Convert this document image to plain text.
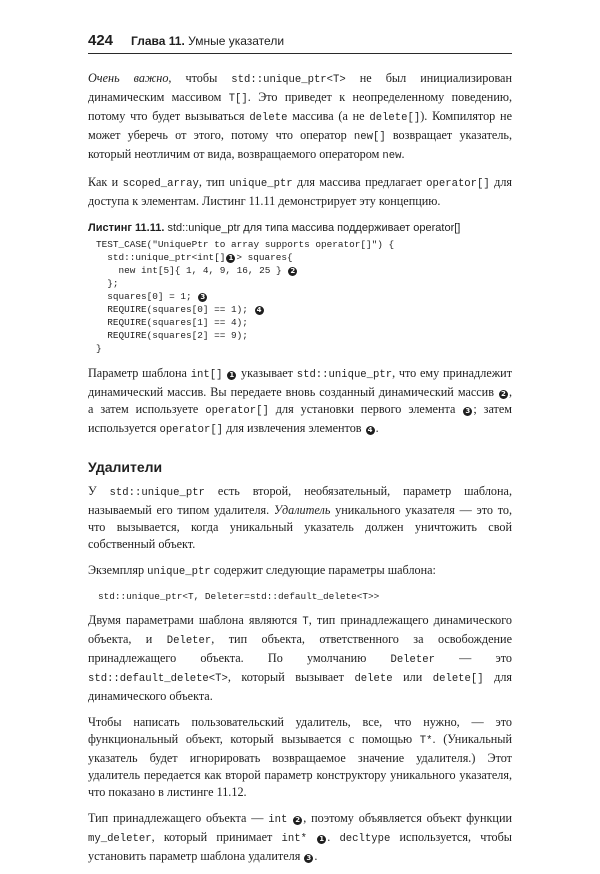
424 Глава 11. Умные указатели

Очень важно, чтобы std::unique_ptr<T> не был инициализирован динамическим массивом T[]. Это приведет к неопределенному поведению, потому что будет вызываться delete массива (а не delete[]). Компилятор не может уберечь от этого, потому что оператор new[] возвращает указатель, который неотличим от вида, возвращаемого оператором new.

Как и scoped_array, тип unique_ptr для массива предлагает operator[] для доступа к элементам. Листинг 11.11 демонстрирует эту концепцию.

Листинг 11.11. std::unique_ptr для типа массива поддерживает operator[]
TEST_CASE("UniquePtr to array supports operator[]") {
std::unique_ptr<int[] 1 > squares{
new int[5]{ 1, 4, 9, 16, 25 } 2
};
squares[0] = 1; 3
REQUIRE(squares[0] == 1); 4
REQUIRE(squares[1] == 4);
REQUIRE(squares[2] == 9);
}

Параметр шаблона int[] 1 указывает std::unique_ptr, что ему принадлежит динамический массив. Вы передаете вновь созданный динамический массив 2 , а затем используете operator[] для установки первого элемента 3 ; затем используется operator[] для извлечения элементов 4 .

Удалители

У std::unique_ptr есть второй, необязательный, параметр шаблона, называемый его типом удалителя. Удалитель уникального указателя — это то, что вызывается, когда уникальный указатель должен уничтожить свой собственный объект.

Экземпляр unique_ptr содержит следующие параметры шаблона:

std::unique_ptr<T, Deleter=std::default_delete<T>>

Двумя параметрами шаблона являются T, тип принадлежащего динамического объекта, и Deleter, тип объекта, ответственного за освобождение принадлежащего объекта. По умолчанию Deleter — это std::default_delete<T>, который вызывает delete или delete[] для динамического объекта.

Чтобы написать пользовательский удалитель, все, что нужно, — это функциональный объект, который вызывается с помощью T*. (Уникальный указатель будет игнорировать возвращаемое значение удалителя.) Этот удалитель передается как второй параметр конструктору уникального указателя, что показано в листинге 11.12.

Тип принадлежащего объекта — int 2 , поэтому объявляется объект функции my_deleter, который принимает int* 1 . decltype используется, чтобы установить параметр шаблона удалителя 3 .
